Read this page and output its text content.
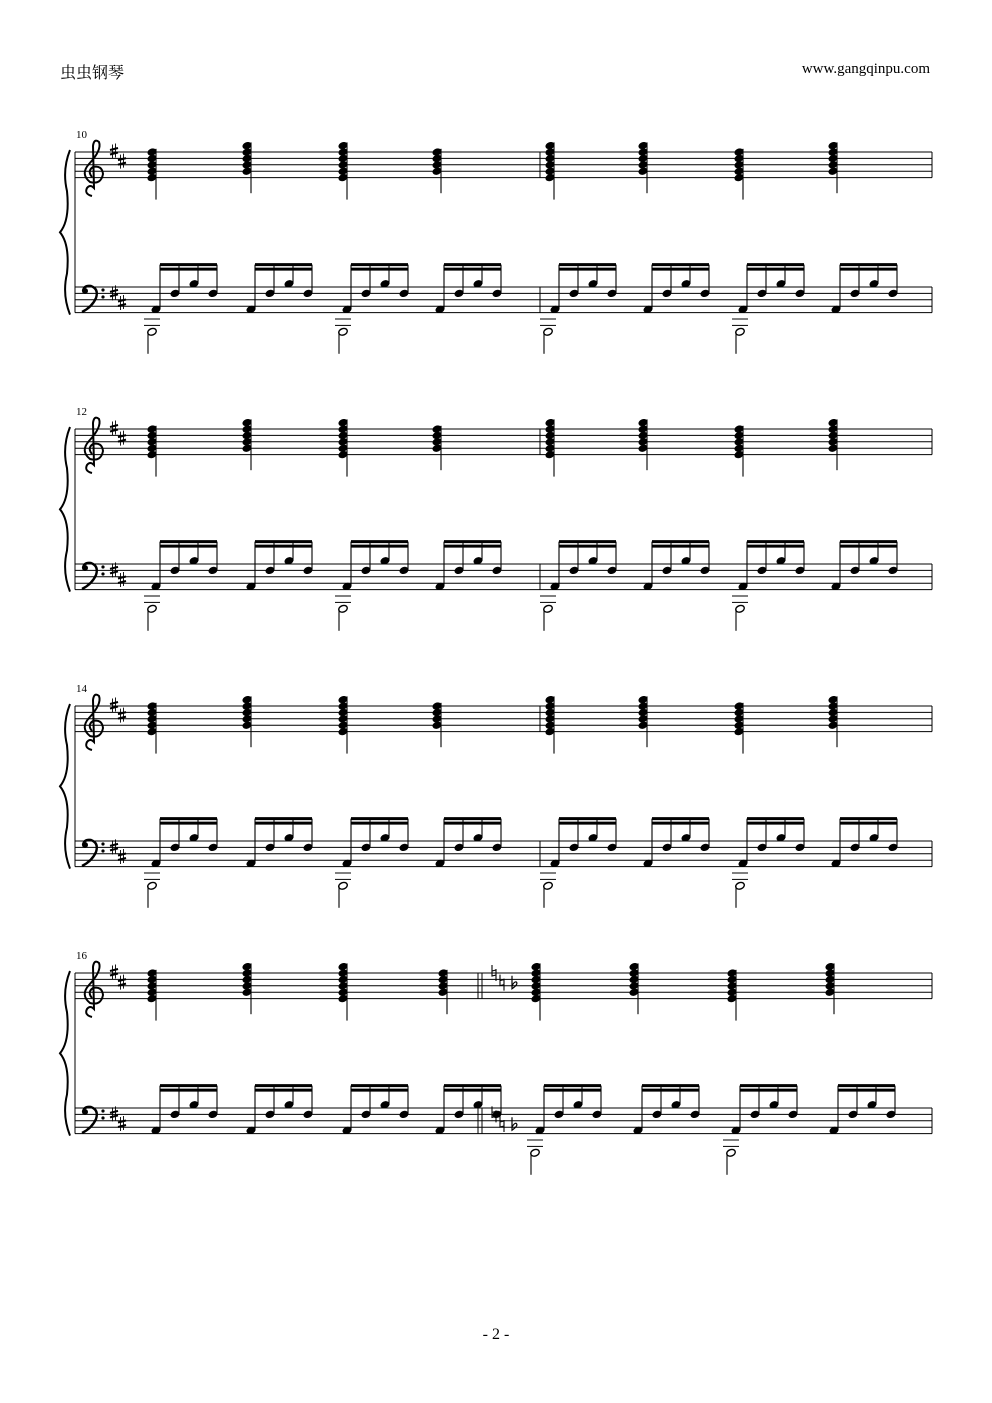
虫虫钢琴	www.gangqinpu.com
10
12
14
16
- 2 -
